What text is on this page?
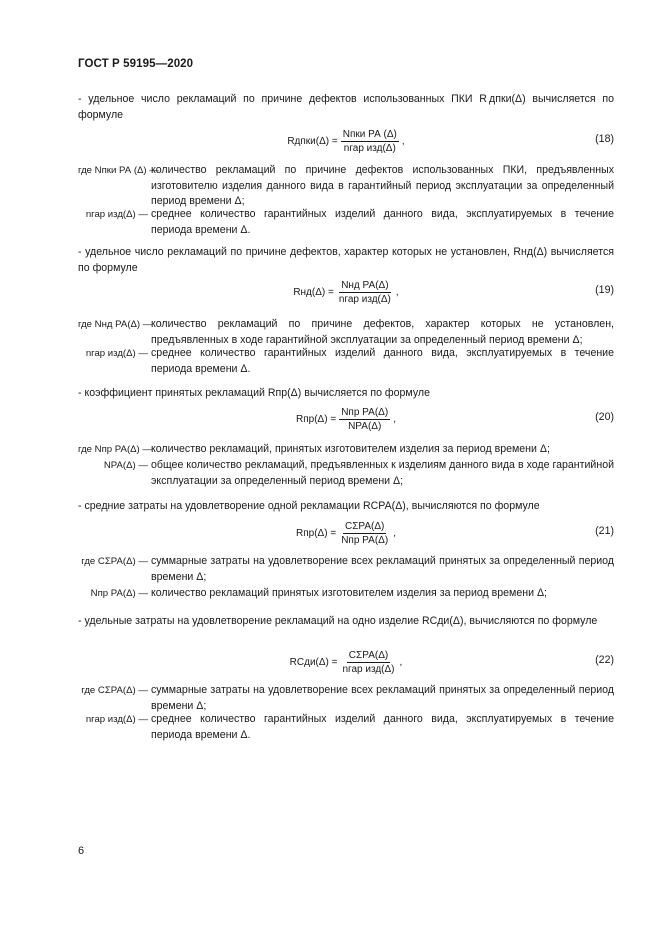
ГОСТ Р 59195—2020
- удельное число рекламаций по причине дефектов использованных ПКИ R дпки(Δ) вычисляется по формуле
Rдпки(Δ) = $\frac{\text{Nпки РА (Δ)}}{\text{nгар изд(Δ)}}$ ,	(18)
где Nпки РА (Δ) —
количество рекламаций по причине дефектов использованных ПКИ, предъявленных изготовителю изделия данного вида в гарантийный период эксплуатации за определенный период времени Δ;
nгар изд(Δ) — среднее количество гарантийных изделий данного вида, эксплуатируемых в течение периода времени Δ.
- удельное число рекламаций по причине дефектов, характер которых не установлен, Rнд(Δ) вычисляется по формуле
$Rнд(\Delta) = \frac{\text{Nнд РА(Δ)}}{\text{nгар изд(Δ)}}$ ,	(19)
где Nнд РА(Δ) —
количество рекламаций по причине дефектов, характер которых не установлен, предъявленных в ходе гарантийной эксплуатации за определенный период времени Δ;
nгар изд(Δ) — среднее количество гарантийных изделий данного вида, эксплуатируемых в течение периода времени Δ.
- коэффициент принятых рекламаций Rпр(Δ) вычисляется по формуле
$Rпр(\Delta) = \frac{\text{Nпр РА(Δ)}}{\text{NРА(Δ)}}$ ,	(20)
где Nпр РА(Δ) —
количество рекламаций, принятых изготовителем изделия за период времени Δ;
NРА(Δ) — общее количество рекламаций, предъявленных к изделиям данного вида в ходе гарантийной эксплуатации за определенный период времени Δ;
- средние затраты на удовлетворение одной рекламации RCРА(Δ), вычисляются по формуле
$Rпр(\Delta) = \frac{\text{CΣРА(Δ)}}{\text{Nпр РА(Δ)}}$ ,	(21)
где CΣРА(Δ) — суммарные затраты на удовлетворение всех рекламаций принятых за определенный период времени Δ;
Nпр РА(Δ) — количество рекламаций принятых изготовителем изделия за период времени Δ;
- удельные затраты на удовлетворение рекламаций на одно изделие RCди(Δ), вычисляются по формуле
RCди(Δ) = $\frac{\text{CΣРА(Δ)}}{\text{nгар изд(Δ)}}$ ,	(22)
где CΣРА(Δ) — суммарные затраты на удовлетворение всех рекламаций принятых за определенный период времени Δ;
nгар изд(Δ) — среднее количество гарантийных изделий данного вида, эксплуатируемых в течение периода времени Δ.
6
